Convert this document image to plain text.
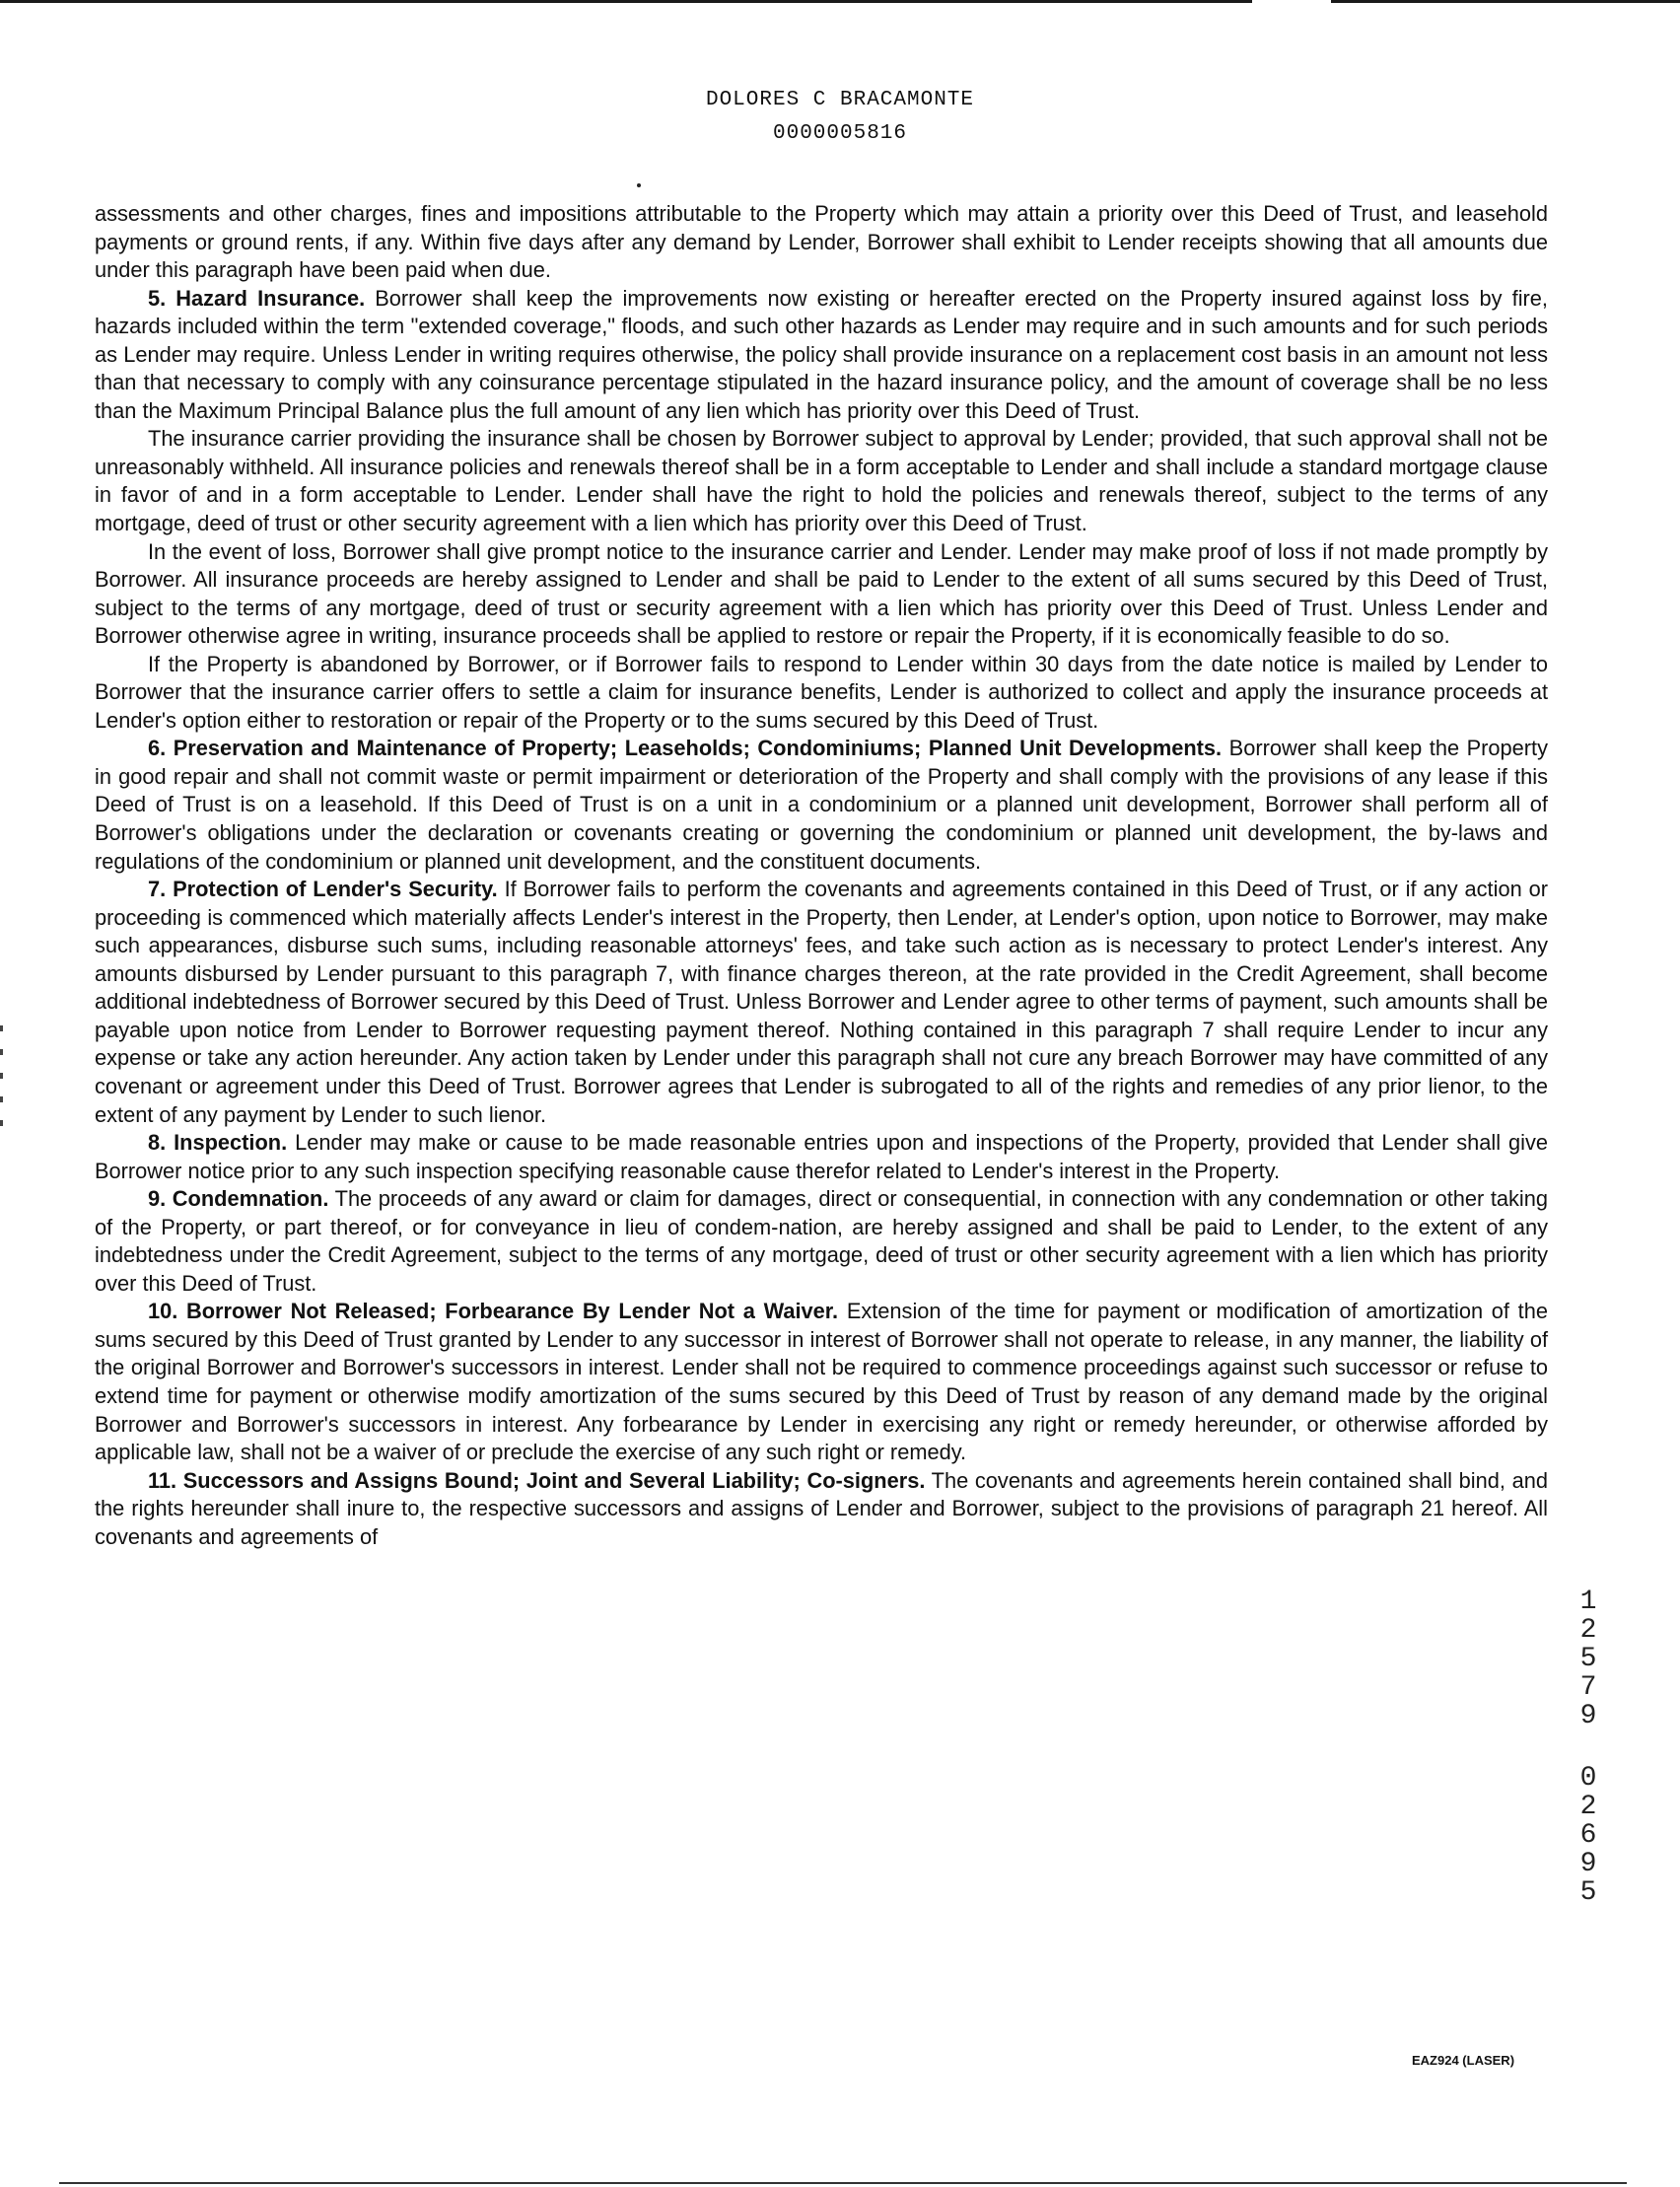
DOLORES C BRACAMONTE
0000005816

assessments and other charges, fines and impositions attributable to the Property which may attain a priority over this Deed of Trust, and leasehold payments or ground rents, if any. Within five days after any demand by Lender, Borrower shall exhibit to Lender receipts showing that all amounts due under this paragraph have been paid when due.

5. Hazard Insurance. Borrower shall keep the improvements now existing or hereafter erected on the Property insured against loss by fire, hazards included within the term "extended coverage," floods, and such other hazards as Lender may require and in such amounts and for such periods as Lender may require. Unless Lender in writing requires otherwise, the policy shall provide insurance on a replacement cost basis in an amount not less than that necessary to comply with any coinsurance percentage stipulated in the hazard insurance policy, and the amount of coverage shall be no less than the Maximum Principal Balance plus the full amount of any lien which has priority over this Deed of Trust.

The insurance carrier providing the insurance shall be chosen by Borrower subject to approval by Lender; provided, that such approval shall not be unreasonably withheld. All insurance policies and renewals thereof shall be in a form acceptable to Lender and shall include a standard mortgage clause in favor of and in a form acceptable to Lender. Lender shall have the right to hold the policies and renewals thereof, subject to the terms of any mortgage, deed of trust or other security agreement with a lien which has priority over this Deed of Trust.

In the event of loss, Borrower shall give prompt notice to the insurance carrier and Lender. Lender may make proof of loss if not made promptly by Borrower. All insurance proceeds are hereby assigned to Lender and shall be paid to Lender to the extent of all sums secured by this Deed of Trust, subject to the terms of any mortgage, deed of trust or security agreement with a lien which has priority over this Deed of Trust. Unless Lender and Borrower otherwise agree in writing, insurance proceeds shall be applied to restore or repair the Property, if it is economically feasible to do so.

If the Property is abandoned by Borrower, or if Borrower fails to respond to Lender within 30 days from the date notice is mailed by Lender to Borrower that the insurance carrier offers to settle a claim for insurance benefits, Lender is authorized to collect and apply the insurance proceeds at Lender's option either to restoration or repair of the Property or to the sums secured by this Deed of Trust.

6. Preservation and Maintenance of Property; Leaseholds; Condominiums; Planned Unit Developments. Borrower shall keep the Property in good repair and shall not commit waste or permit impairment or deterioration of the Property and shall comply with the provisions of any lease if this Deed of Trust is on a leasehold. If this Deed of Trust is on a unit in a condominium or a planned unit development, Borrower shall perform all of Borrower's obligations under the declaration or covenants creating or governing the condominium or planned unit development, the by-laws and regulations of the condominium or planned unit development, and the constituent documents.

7. Protection of Lender's Security. If Borrower fails to perform the covenants and agreements contained in this Deed of Trust, or if any action or proceeding is commenced which materially affects Lender's interest in the Property, then Lender, at Lender's option, upon notice to Borrower, may make such appearances, disburse such sums, including reasonable attorneys' fees, and take such action as is necessary to protect Lender's interest. Any amounts disbursed by Lender pursuant to this paragraph 7, with finance charges thereon, at the rate provided in the Credit Agreement, shall become additional indebtedness of Borrower secured by this Deed of Trust. Unless Borrower and Lender agree to other terms of payment, such amounts shall be payable upon notice from Lender to Borrower requesting payment thereof. Nothing contained in this paragraph 7 shall require Lender to incur any expense or take any action hereunder. Any action taken by Lender under this paragraph shall not cure any breach Borrower may have committed of any covenant or agreement under this Deed of Trust. Borrower agrees that Lender is subrogated to all of the rights and remedies of any prior lienor, to the extent of any payment by Lender to such lienor.

8. Inspection. Lender may make or cause to be made reasonable entries upon and inspections of the Property, provided that Lender shall give Borrower notice prior to any such inspection specifying reasonable cause therefor related to Lender's interest in the Property.

9. Condemnation. The proceeds of any award or claim for damages, direct or consequential, in connection with any condemnation or other taking of the Property, or part thereof, or for conveyance in lieu of condem-nation, are hereby assigned and shall be paid to Lender, to the extent of any indebtedness under the Credit Agreement, subject to the terms of any mortgage, deed of trust or other security agreement with a lien which has priority over this Deed of Trust.

10. Borrower Not Released; Forbearance By Lender Not a Waiver. Extension of the time for payment or modification of amortization of the sums secured by this Deed of Trust granted by Lender to any successor in interest of Borrower shall not operate to release, in any manner, the liability of the original Borrower and Borrower's successors in interest. Lender shall not be required to commence proceedings against such successor or refuse to extend time for payment or otherwise modify amortization of the sums secured by this Deed of Trust by reason of any demand made by the original Borrower and Borrower's successors in interest. Any forbearance by Lender in exercising any right or remedy hereunder, or otherwise afforded by applicable law, shall not be a waiver of or preclude the exercise of any such right or remedy.

11. Successors and Assigns Bound; Joint and Several Liability; Co-signers. The covenants and agreements herein contained shall bind, and the rights hereunder shall inure to, the respective successors and assigns of Lender and Borrower, subject to the provisions of paragraph 21 hereof. All covenants and agreements of

1
2
5
7
9
0
2
6
9
5
EAZ924 (LASER)
